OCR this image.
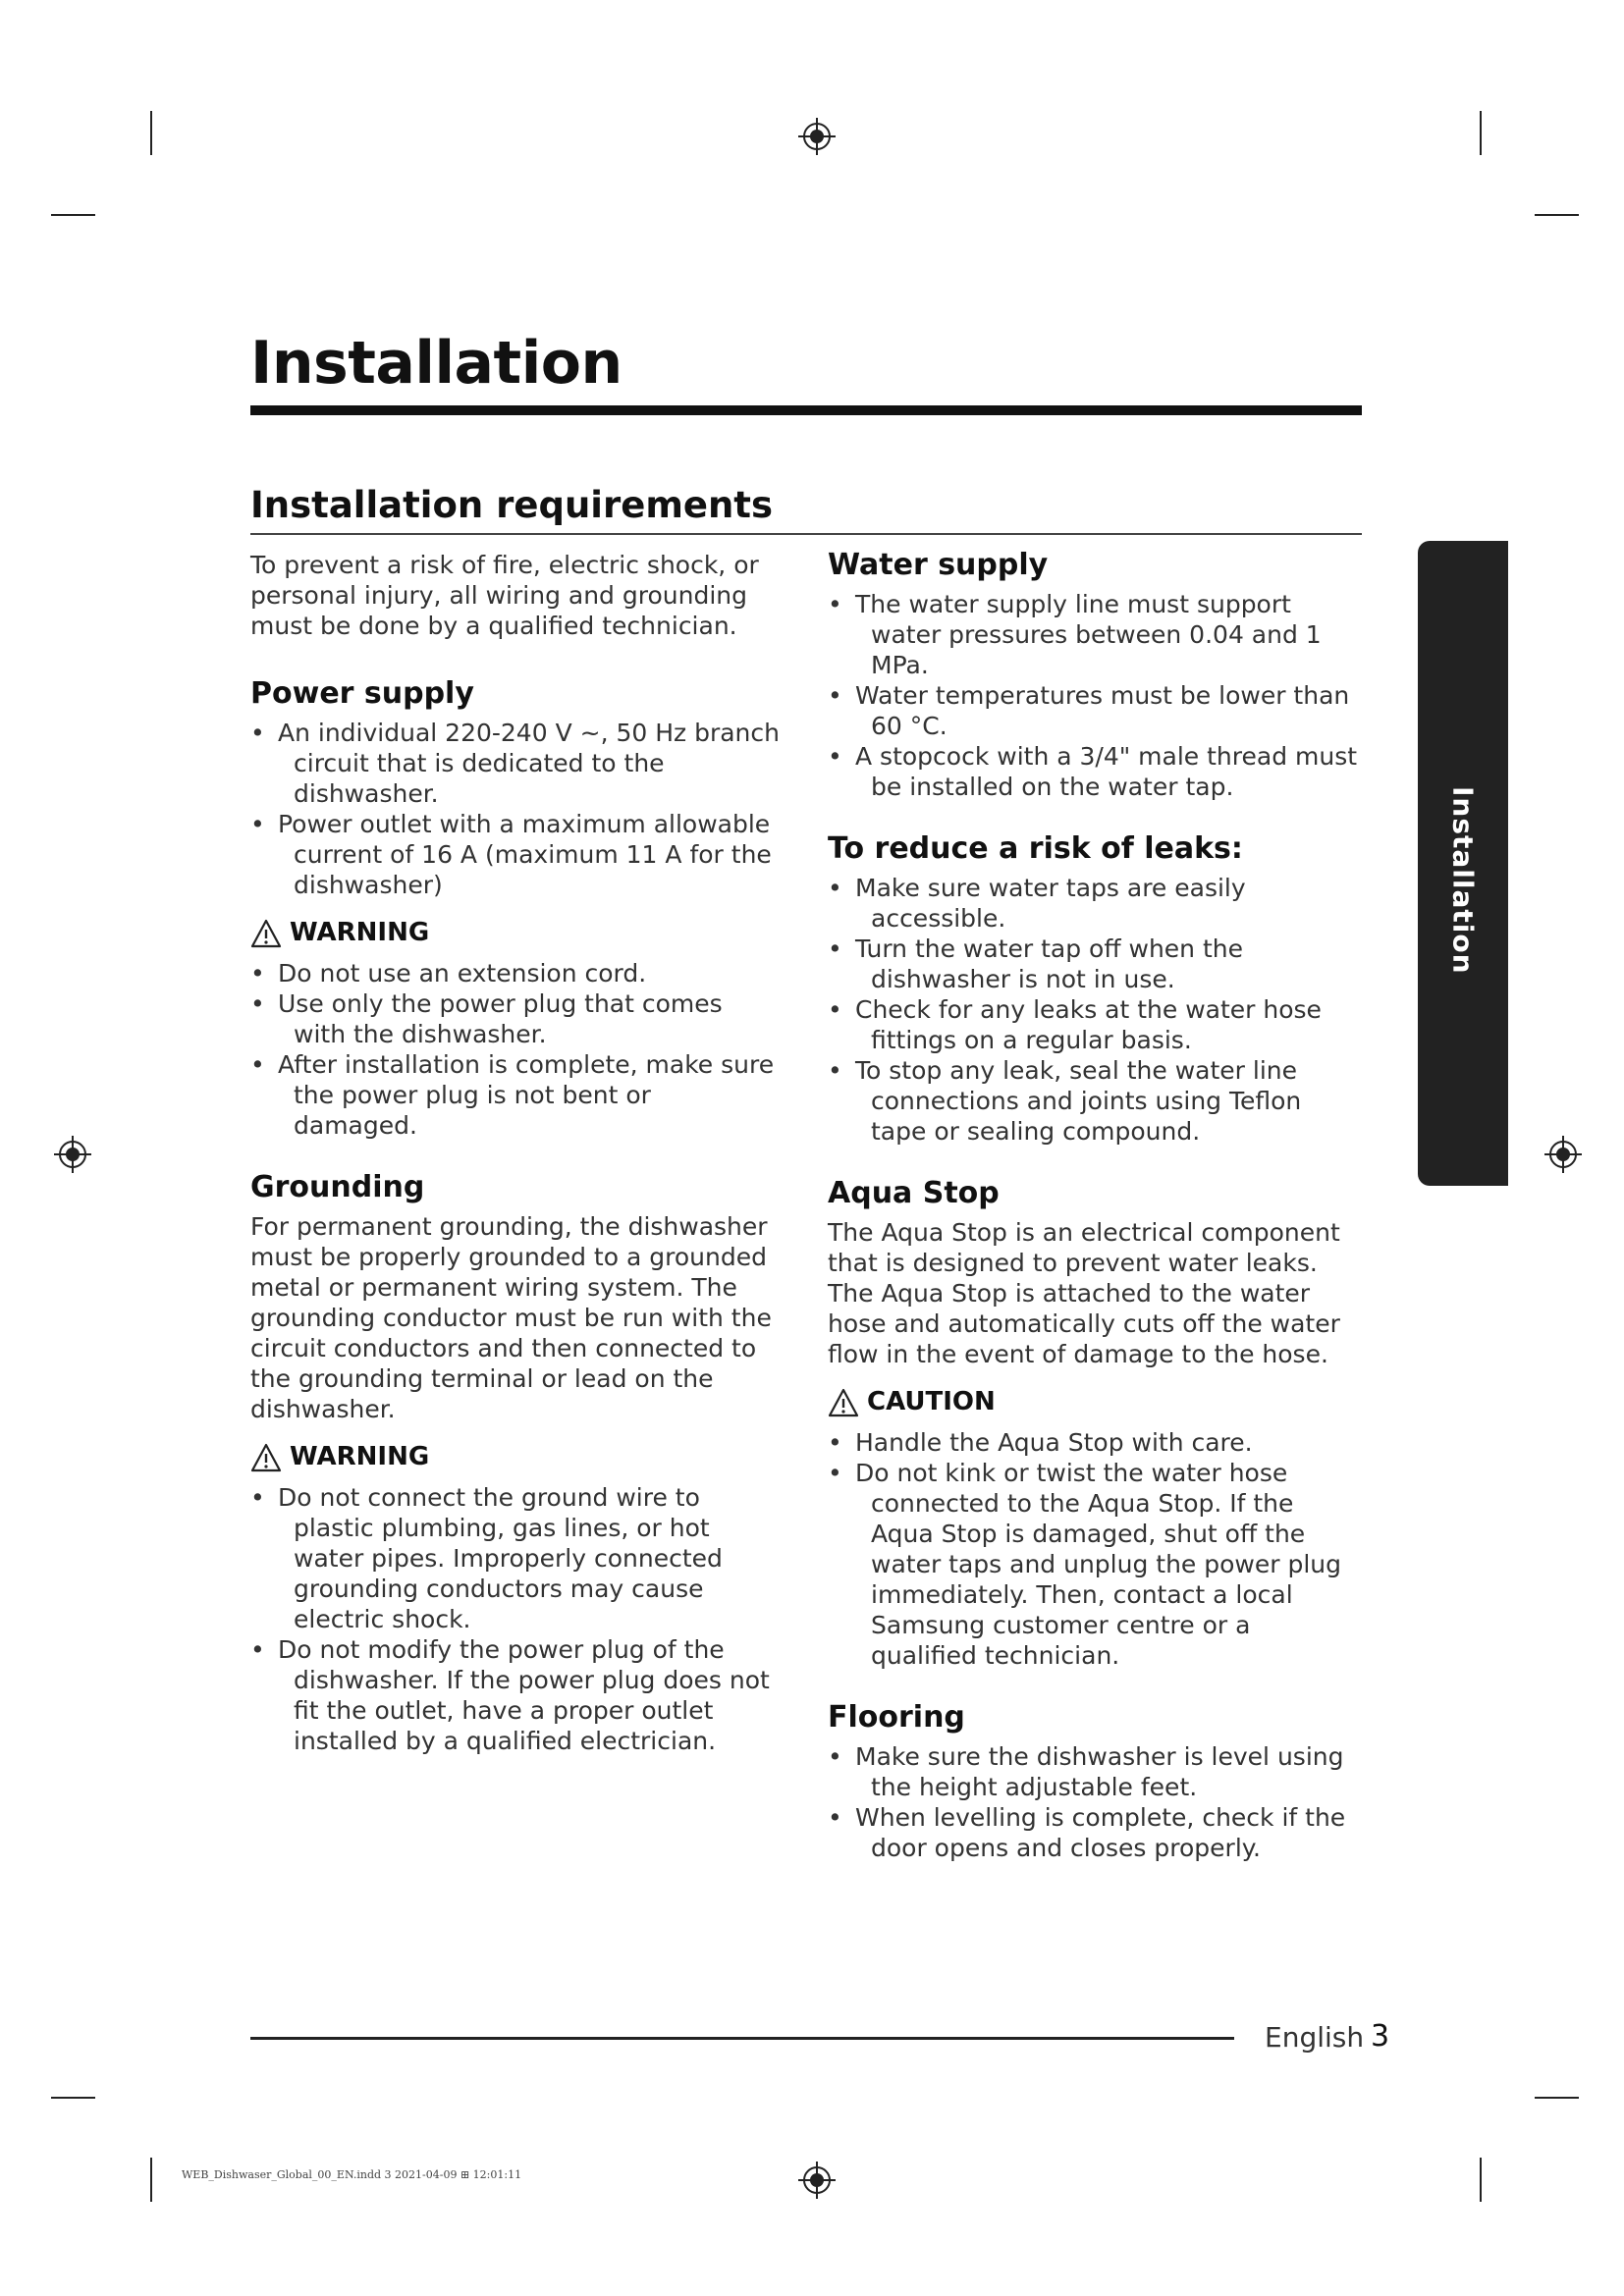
Installation
Installation requirements

To prevent a risk of fire, electric shock, or personal injury, all wiring and grounding must be done by a qualified technician.

Power supply
• An individual 220-240 V ~, 50 Hz branch circuit that is dedicated to the dishwasher.
• Power outlet with a maximum allowable current of 16 A (maximum 11 A for the dishwasher)
WARNING
• Do not use an extension cord.
• Use only the power plug that comes with the dishwasher.
• After installation is complete, make sure the power plug is not bent or damaged.
Grounding

For permanent grounding, the dishwasher must be properly grounded to a grounded metal or permanent wiring system. The grounding conductor must be run with the circuit conductors and then connected to the grounding terminal or lead on the dishwasher.

WARNING
• Do not connect the ground wire to plastic plumbing, gas lines, or hot water pipes. Improperly connected grounding conductors may cause electric shock.
• Do not modify the power plug of the dishwasher. If the power plug does not fit the outlet, have a proper outlet installed by a qualified electrician.
Water supply
• The water supply line must support water pressures between 0.04 and 1 MPa.
• Water temperatures must be lower than 60 °C.
• A stopcock with a 3/4" male thread must be installed on the water tap.
To reduce a risk of leaks:
• Make sure water taps are easily accessible.
• Turn the water tap off when the dishwasher is not in use.
• Check for any leaks at the water hose fittings on a regular basis.
• To stop any leak, seal the water line connections and joints using Teflon tape or sealing compound.
Aqua Stop

The Aqua Stop is an electrical component that is designed to prevent water leaks. The Aqua Stop is attached to the water hose and automatically cuts off the water flow in the event of damage to the hose.

CAUTION
• Handle the Aqua Stop with care.
• Do not kink or twist the water hose connected to the Aqua Stop. If the Aqua Stop is damaged, shut off the water taps and unplug the power plug immediately. Then, contact a local Samsung customer centre or a qualified technician.
Flooring
• Make sure the dishwasher is level using the height adjustable feet.
• When levelling is complete, check if the door opens and closes properly.
Installation
English 3
WEB_Dishwaser_Global_00_EN.indd 3 2021-04-09 ⊞ 12:01:11
